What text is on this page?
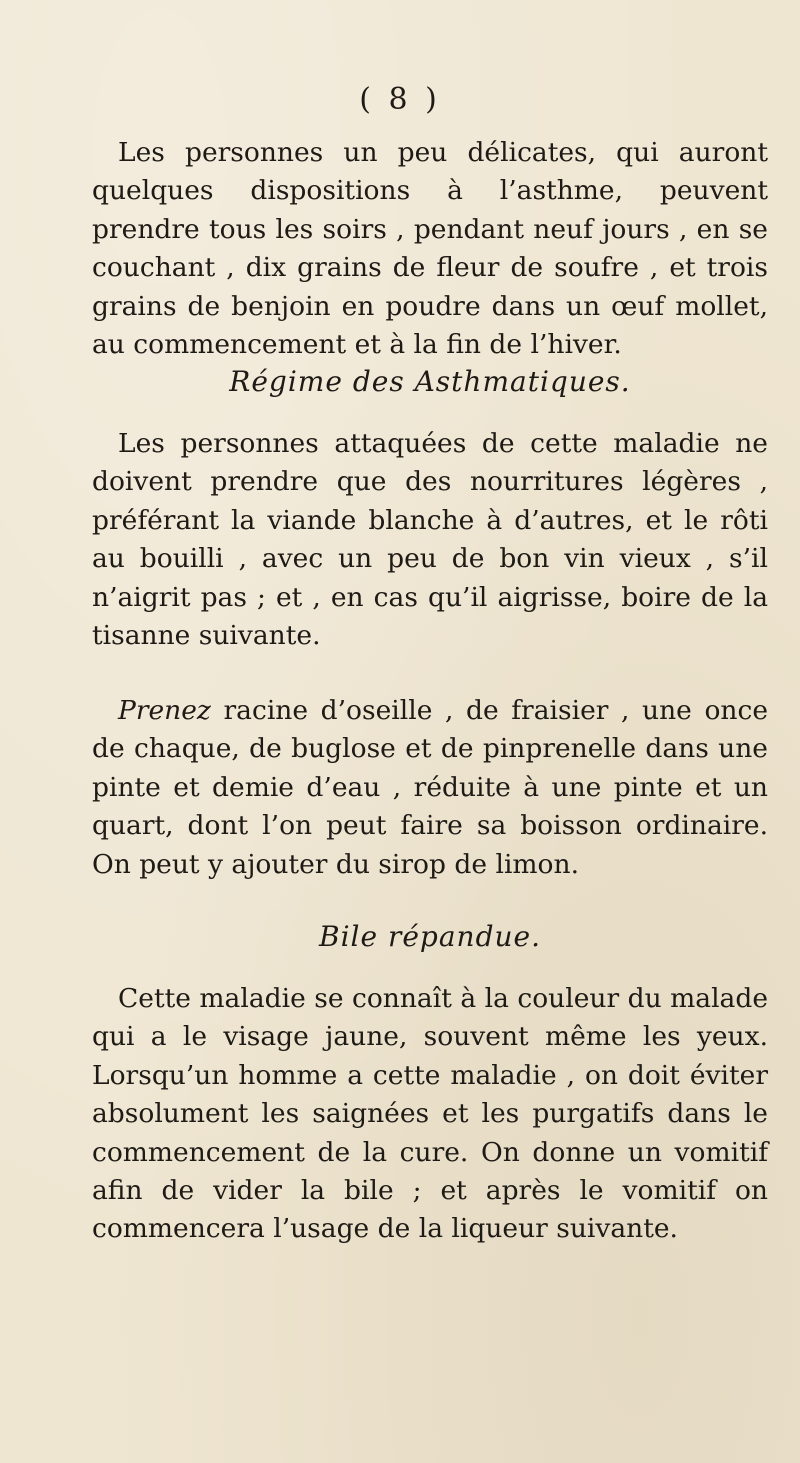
( 8 )

Les personnes un peu délicates, qui auront quelques dispositions à l’asthme, peuvent prendre tous les soirs , pendant neuf jours , en se couchant , dix grains de fleur de soufre , et trois grains de benjoin en poudre dans un œuf mollet, au commencement et à la fin de l’hiver.

Régime des Asthmatiques.

Les personnes attaquées de cette maladie ne doivent prendre que des nourritures légères , préférant la viande blanche à d’autres, et le rôti au bouilli , avec un peu de bon vin vieux , s’il n’aigrit pas ; et , en cas qu’il aigrisse, boire de la tisanne suivante.

Prenez racine d’oseille , de fraisier , une once de chaque, de buglose et de pinprenelle dans une pinte et demie d’eau , réduite à une pinte et un quart, dont l’on peut faire sa boisson ordinaire. On peut y ajouter du sirop de limon.

Bile répandue.

Cette maladie se connaît à la couleur du malade qui a le visage jaune, souvent même les yeux. Lorsqu’un homme a cette maladie , on doit éviter absolument les saignées et les purgatifs dans le commencement de la cure. On donne un vomitif afin de vider la bile ; et après le vomitif on commencera l’usage de la liqueur suivante.
